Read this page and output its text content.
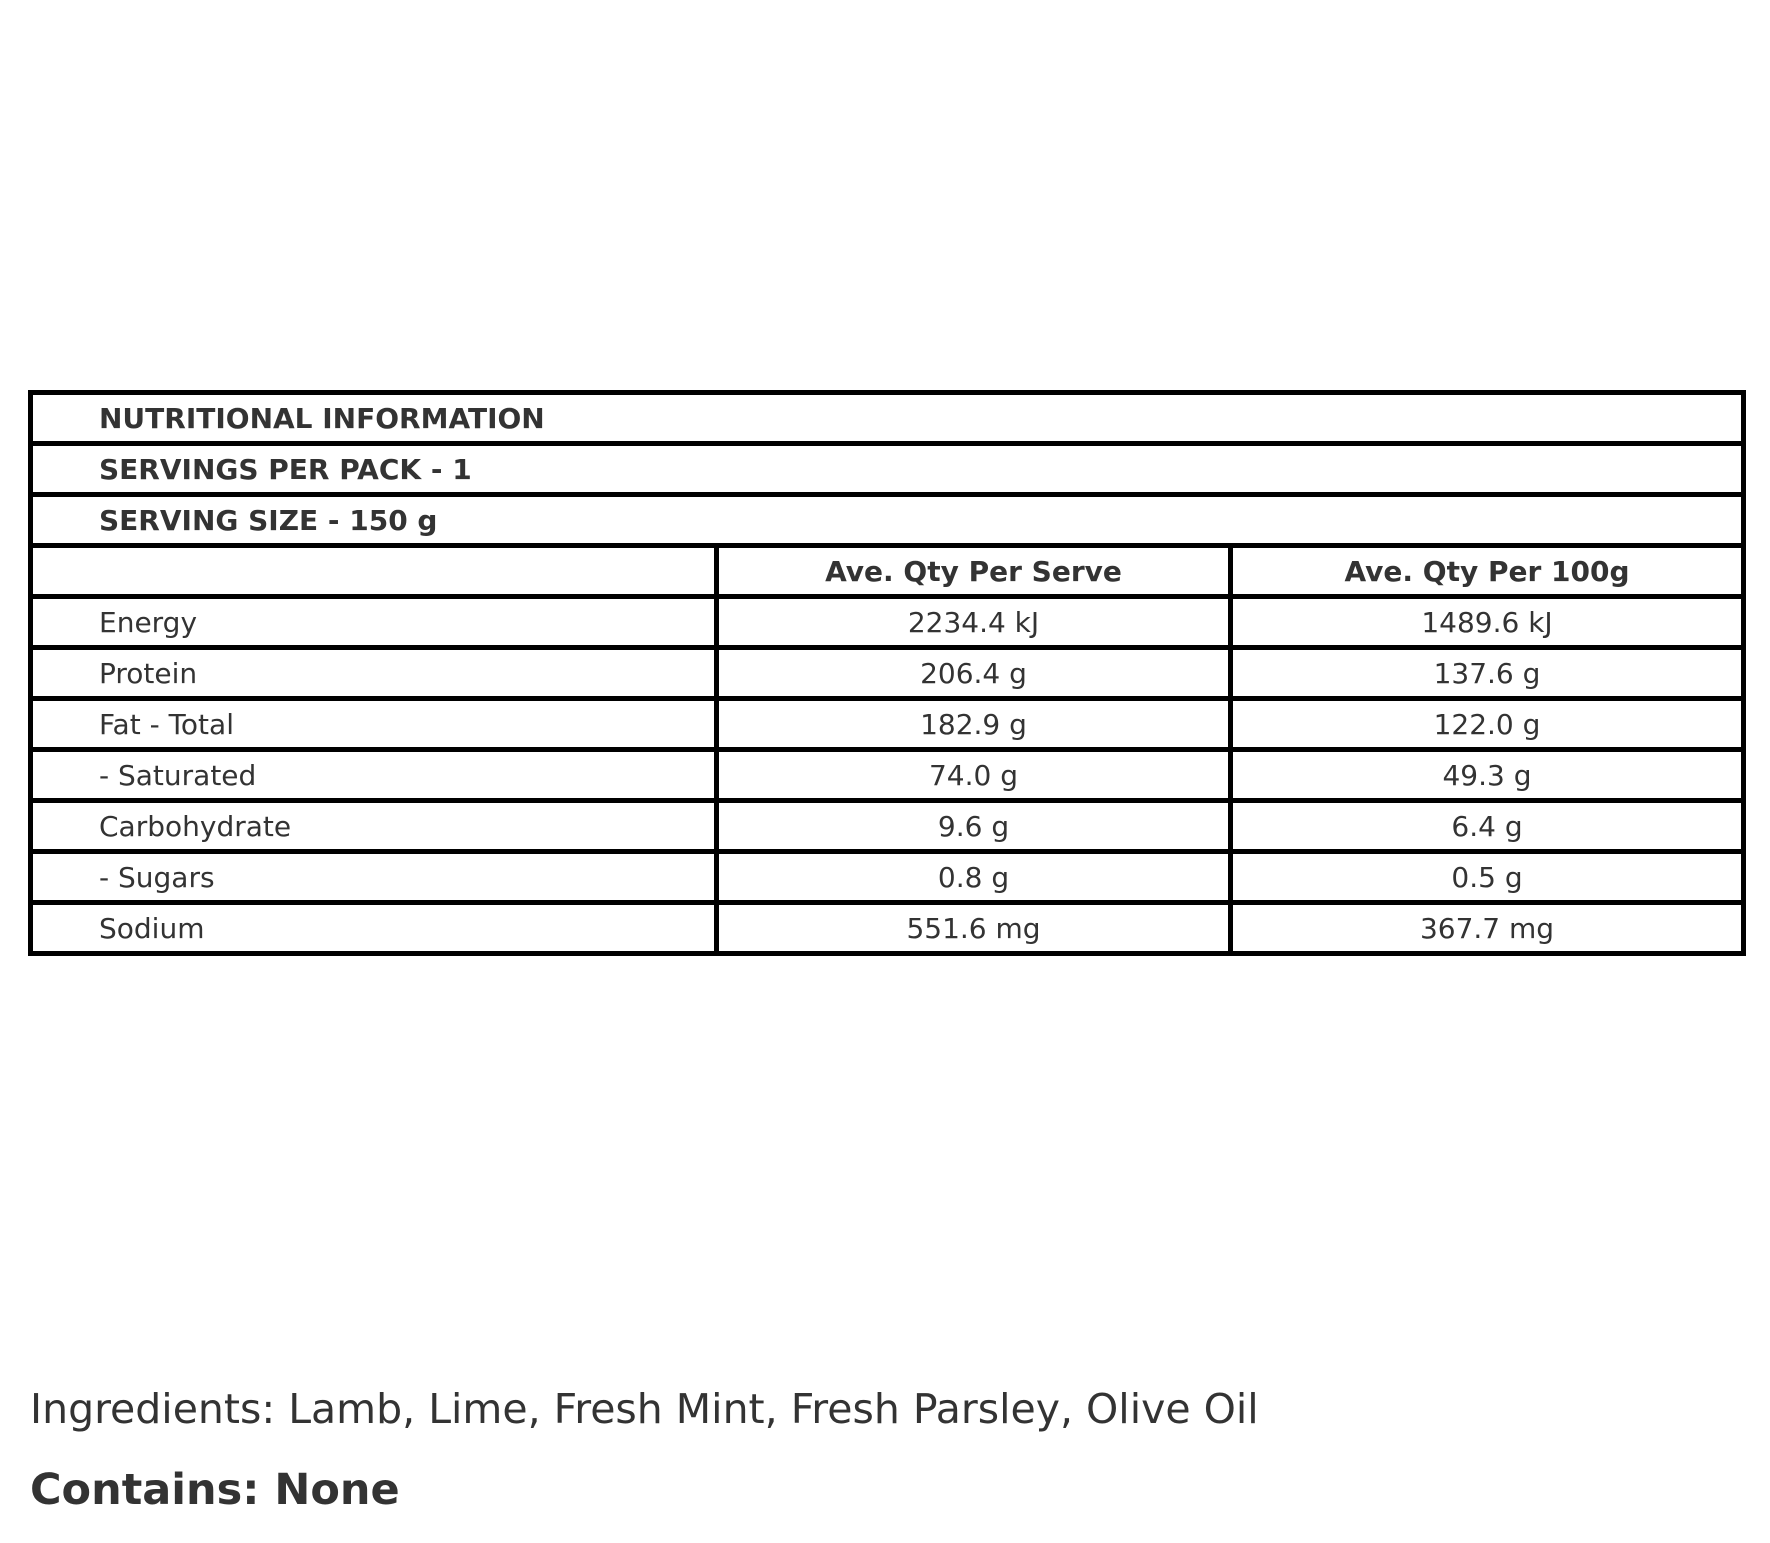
NUTRITIONAL INFORMATION		
SERVINGS PER PACK - 1		
SERVING SIZE - 150 g		
	Ave. Qty Per Serve	Ave. Qty Per 100g
Energy	2234.4 kJ	1489.6 kJ
Protein	206.4 g	137.6 g
Fat - Total	182.9 g	122.0 g
- Saturated	74.0 g	49.3 g
Carbohydrate	9.6 g	6.4 g
- Sugars	0.8 g	0.5 g
Sodium	551.6 mg	367.7 mg
Ingredients: Lamb, Lime, Fresh Mint, Fresh Parsley, Olive Oil
Contains: None
